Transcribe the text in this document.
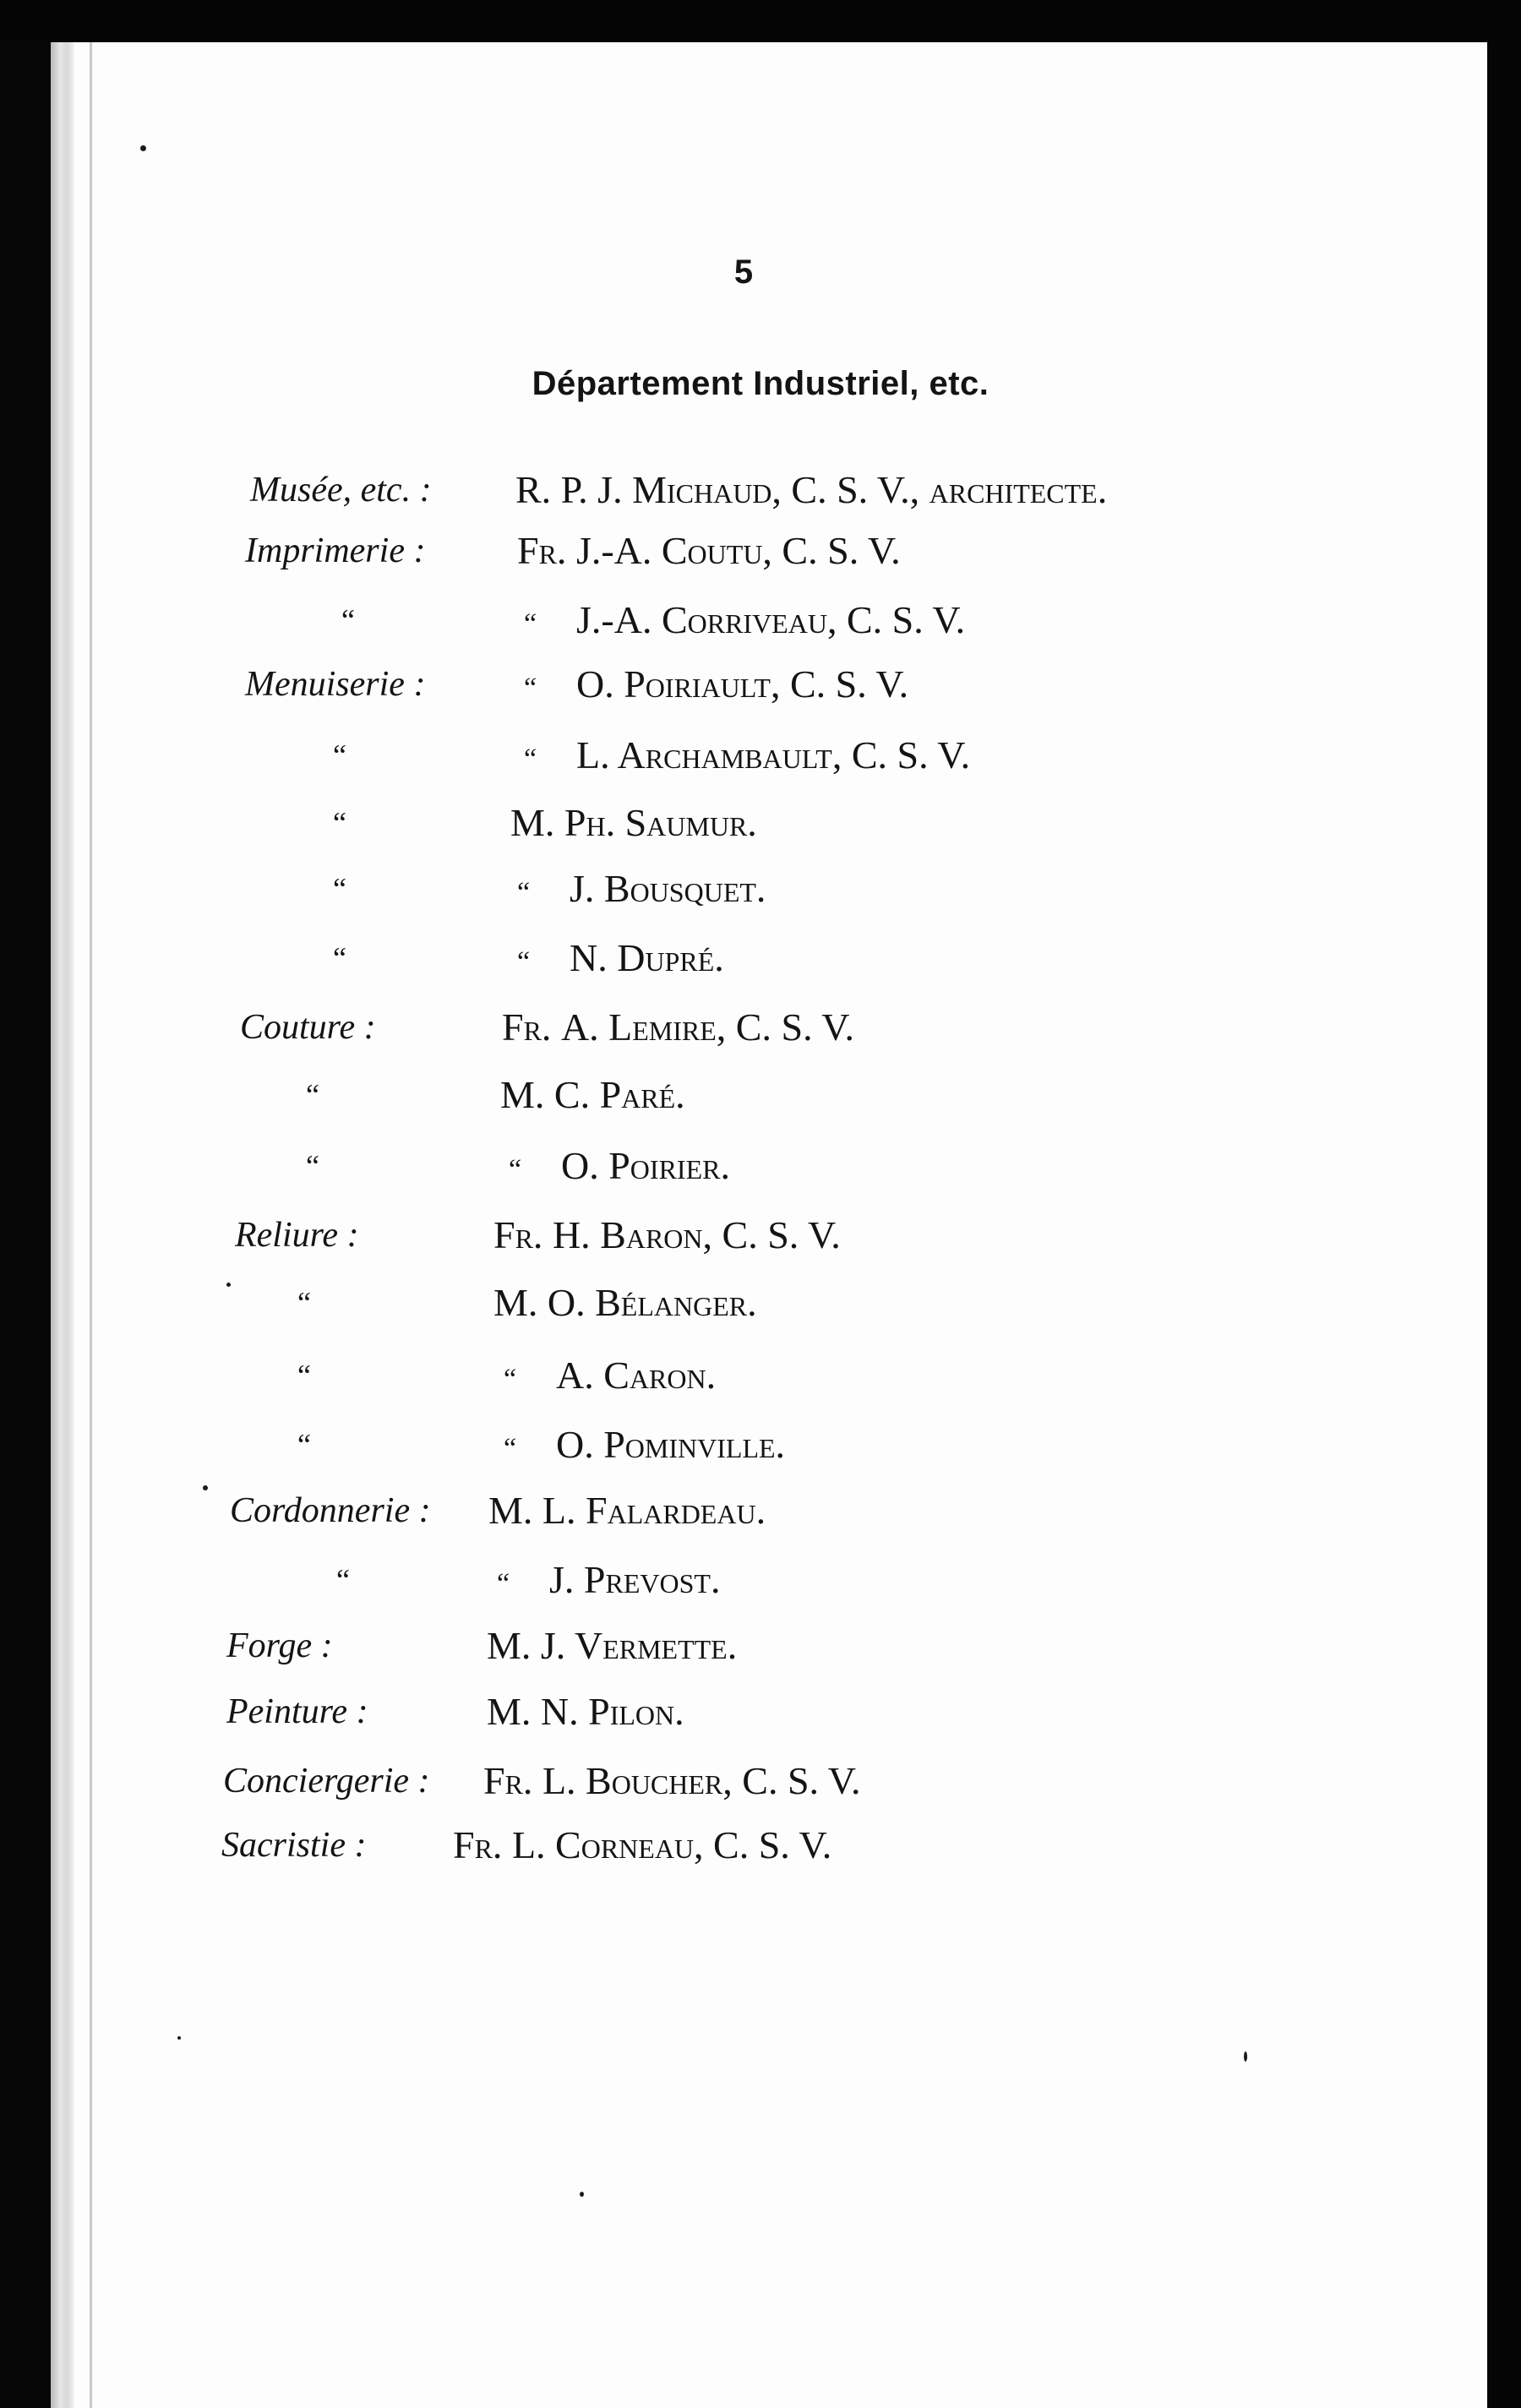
5
Département Industriel, etc.
Musée, etc. : R. P. J. Michaud, C. S. V., architecte.
Imprimerie : Fr. J.-A. Coutu, C. S. V.
“	“ J.-A. Corriveau, C. S. V.
Menuiserie :	“ O. Poiriault, C. S. V.
“	“ L. Archambault, C. S. V.
“	M. Ph. Saumur.
“	“ J. Bousquet.
“	“ N. Dupré.
Couture :	Fr. A. Lemire, C. S. V.
“	M. C. Paré.
“	“ O. Poirier.
Reliure :	Fr. H. Baron, C. S. V.
“	M. O. Bélanger.
“	“ A. Caron.
“	“ O. Pominville.
Cordonnerie : M. L. Falardeau.
“	“ J. Prevost.
Forge :	M. J. Vermette.
Peinture :	M. N. Pilon.
Conciergerie : Fr. L. Boucher, C. S. V.
Sacristie : Fr. L. Corneau, C. S. V.
